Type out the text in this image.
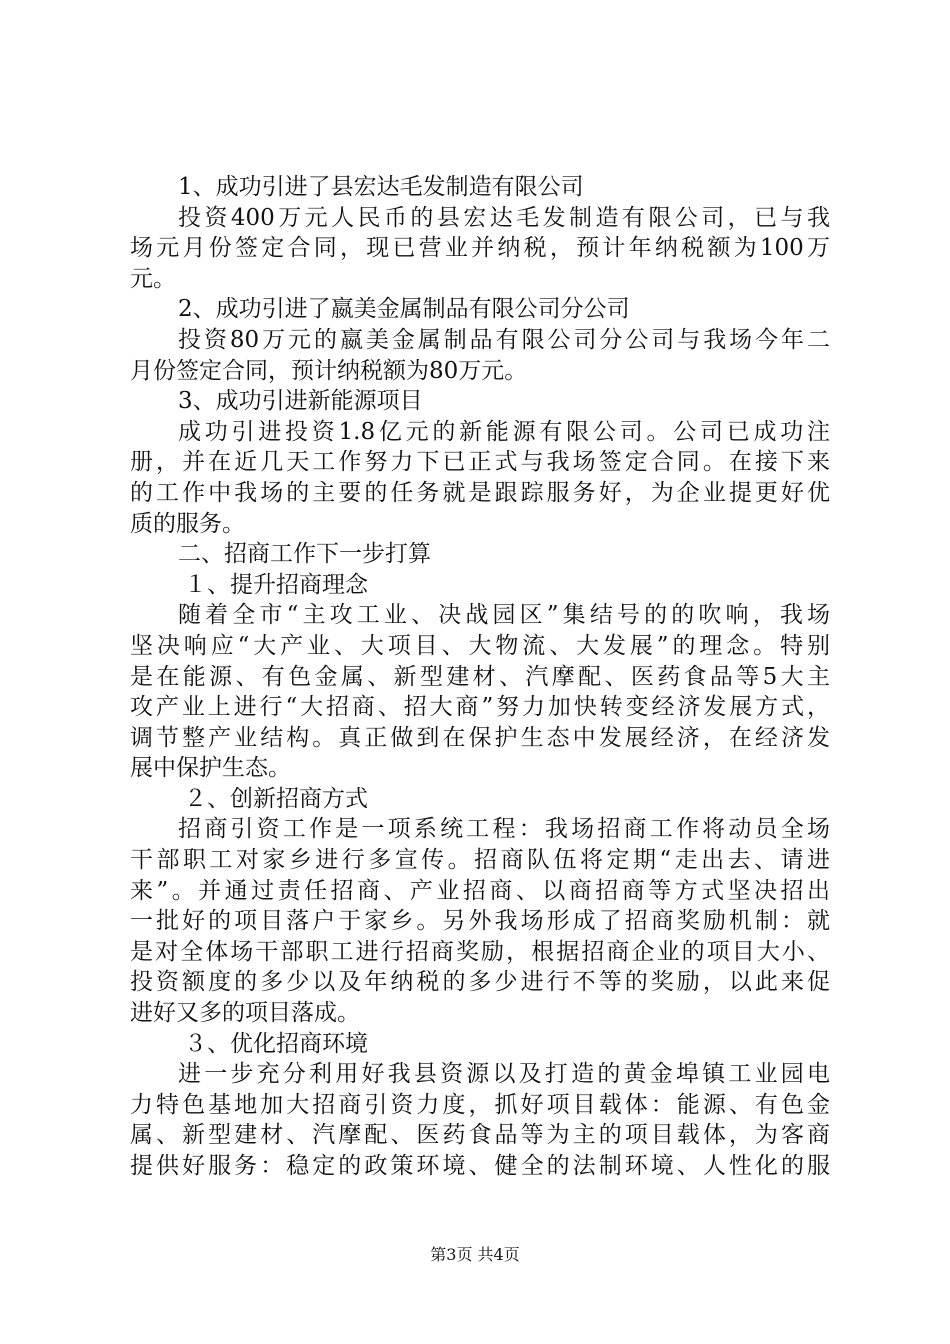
1、成功引进了县宏达毛发制造有限公司
投资400万元人民币的县宏达毛发制造有限公司，已与我
场元月份签定合同，现已营业并纳税，预计年纳税额为100万
元。
2、成功引进了嬴美金属制品有限公司分公司
投资80万元的嬴美金属制品有限公司分公司与我场今年二
月份签定合同，预计纳税额为80万元。
3、成功引进新能源项目
成功引进投资1.8亿元的新能源有限公司。公司已成功注
册，并在近几天工作努力下已正式与我场签定合同。在接下来
的工作中我场的主要的任务就是跟踪服务好，为企业提更好优
质的服务。
二、招商工作下一步打算
１、提升招商理念
随着全市“主攻工业、决战园区”集结号的的吹响，我场
坚决响应“大产业、大项目、大物流、大发展”的理念。特别
是在能源、有色金属、新型建材、汽摩配、医药食品等5大主
攻产业上进行“大招商、招大商”努力加快转变经济发展方式，
调节整产业结构。真正做到在保护生态中发展经济，在经济发
展中保护生态。
２、创新招商方式
招商引资工作是一项系统工程：我场招商工作将动员全场
干部职工对家乡进行多宣传。招商队伍将定期“走出去、请进
来”。并通过责任招商、产业招商、以商招商等方式坚决招出
一批好的项目落户于家乡。另外我场形成了招商奖励机制：就
是对全体场干部职工进行招商奖励，根据招商企业的项目大小、
投资额度的多少以及年纳税的多少进行不等的奖励，以此来促
进好又多的项目落成。
３、优化招商环境
进一步充分利用好我县资源以及打造的黄金埠镇工业园电
力特色基地加大招商引资力度，抓好项目载体：能源、有色金
属、新型建材、汽摩配、医药食品等为主的项目载体，为客商
提供好服务：稳定的政策环境、健全的法制环境、人性化的服
第3页 共4页
